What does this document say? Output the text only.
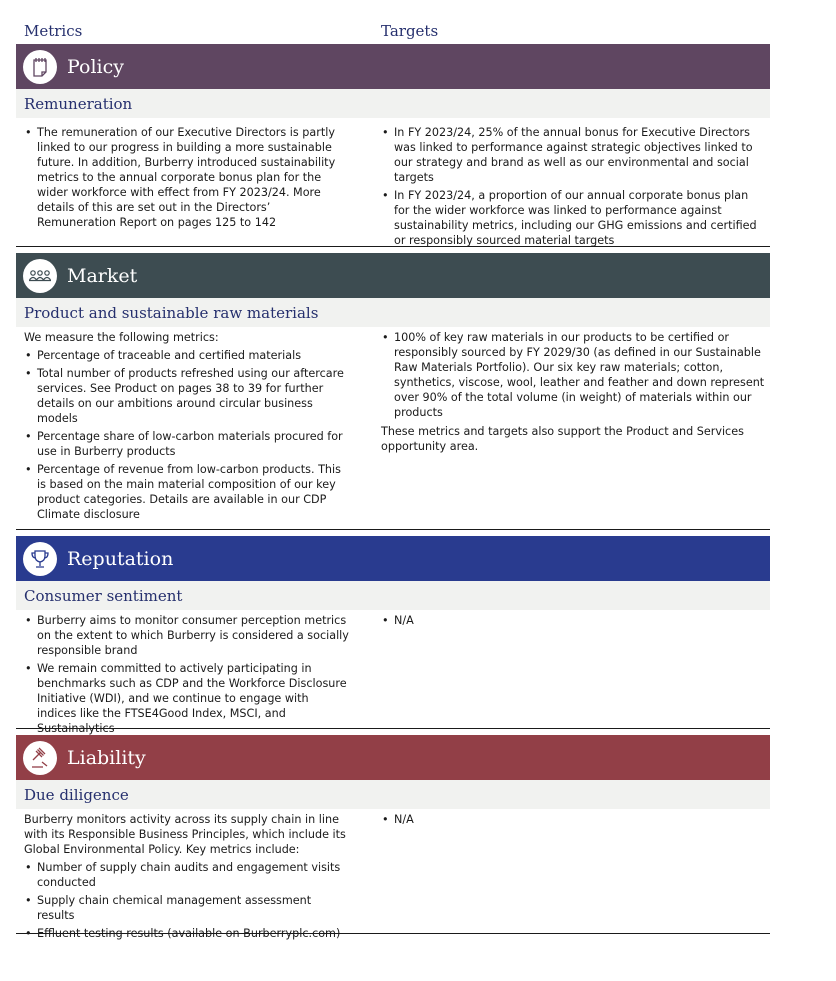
Metrics	Targets
Policy
Remuneration
• The remuneration of our Executive Directors is partly linked to our progress in building a more sustainable future. In addition, Burberry introduced sustainability metrics to the annual corporate bonus plan for the wider workforce with effect from FY 2023/24. More details of this are set out in the Directors’ Remuneration Report on pages 125 to 142
• In FY 2023/24, 25% of the annual bonus for Executive Directors was linked to performance against strategic objectives linked to our strategy and brand as well as our environmental and social targets
• In FY 2023/24, a proportion of our annual corporate bonus plan for the wider workforce was linked to performance against sustainability metrics, including our GHG emissions and certified or responsibly sourced material targets
Market
Product and sustainable raw materials

We measure the following metrics:

• Percentage of traceable and certified materials
• Total number of products refreshed using our aftercare services. See Product on pages 38 to 39 for further details on our ambitions around circular business models
• Percentage share of low-carbon materials procured for use in Burberry products
• Percentage of revenue from low-carbon products. This is based on the main material composition of our key product categories. Details are available in our CDP Climate disclosure
• 100% of key raw materials in our products to be certified or responsibly sourced by FY 2029/30 (as defined in our Sustainable Raw Materials Portfolio). Our six key raw materials; cotton, synthetics, viscose, wool, leather and feather and down represent over 90% of the total volume (in weight) of materials within our products

These metrics and targets also support the Product and Services opportunity area.

Reputation
Consumer sentiment
• Burberry aims to monitor consumer perception metrics on the extent to which Burberry is considered a socially responsible brand
• We remain committed to actively participating in benchmarks such as CDP and the Workforce Disclosure Initiative (WDI), and we continue to engage with indices like the FTSE4Good Index, MSCI, and Sustainalytics
• N/A
Liability
Due diligence

Burberry monitors activity across its supply chain in line with its Responsible Business Principles, which include its Global Environmental Policy. Key metrics include:

• Number of supply chain audits and engagement visits conducted
• Supply chain chemical management assessment results
• Effluent testing results (available on Burberryplc.com)
• N/A
